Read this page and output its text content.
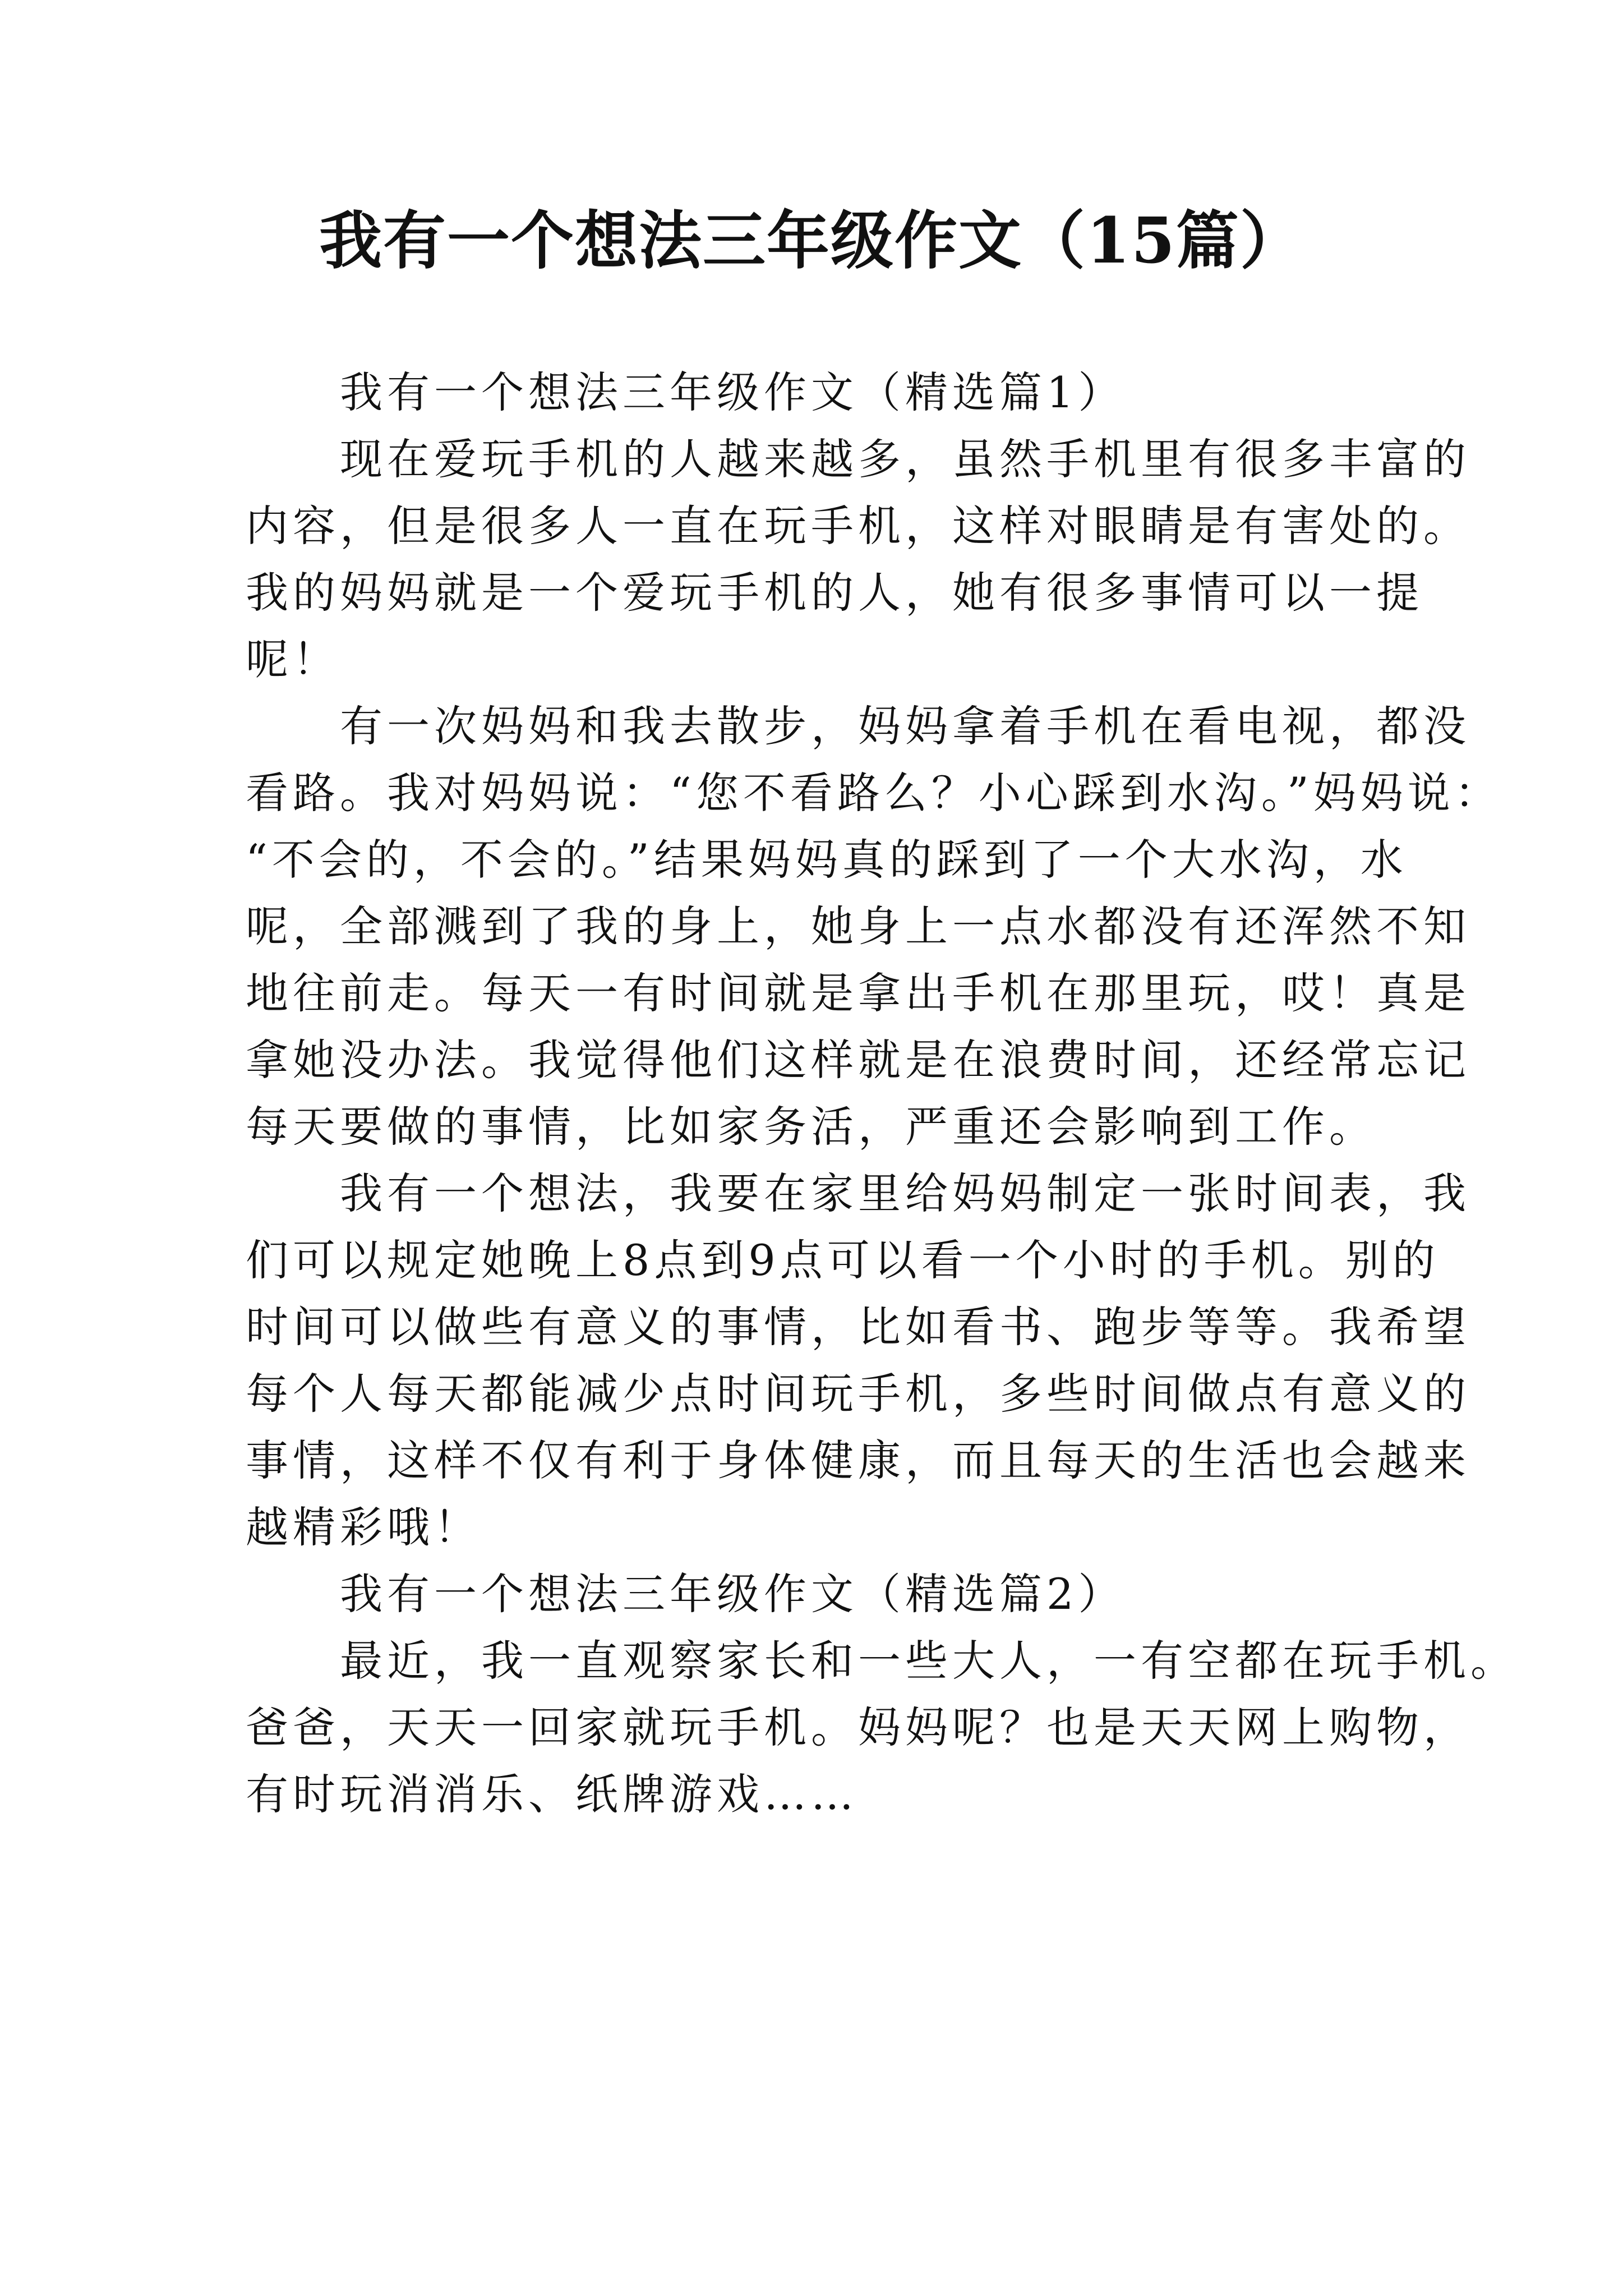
我有一个想法三年级作文（15篇）
我有一个想法三年级作文（精选篇1）
现在爱玩手机的人越来越多，虽然手机里有很多丰富的
内容，但是很多人一直在玩手机，这样对眼睛是有害处的。
我的妈妈就是一个爱玩手机的人，她有很多事情可以一提
呢！
有一次妈妈和我去散步，妈妈拿着手机在看电视，都没
看路。我对妈妈说：“您不看路么？小心踩到水沟。”妈妈说：
“不会的，不会的。”结果妈妈真的踩到了一个大水沟，水
呢，全部溅到了我的身上，她身上一点水都没有还浑然不知
地往前走。每天一有时间就是拿出手机在那里玩，哎！真是
拿她没办法。我觉得他们这样就是在浪费时间，还经常忘记
每天要做的事情，比如家务活，严重还会影响到工作。
我有一个想法，我要在家里给妈妈制定一张时间表，我
们可以规定她晚上8点到9点可以看一个小时的手机。别的
时间可以做些有意义的事情，比如看书、跑步等等。我希望
每个人每天都能减少点时间玩手机，多些时间做点有意义的
事情，这样不仅有利于身体健康，而且每天的生活也会越来
越精彩哦！
我有一个想法三年级作文（精选篇2）
最近，我一直观察家长和一些大人，一有空都在玩手机。
爸爸，天天一回家就玩手机。妈妈呢？也是天天网上购物，
有时玩消消乐、纸牌游戏……
